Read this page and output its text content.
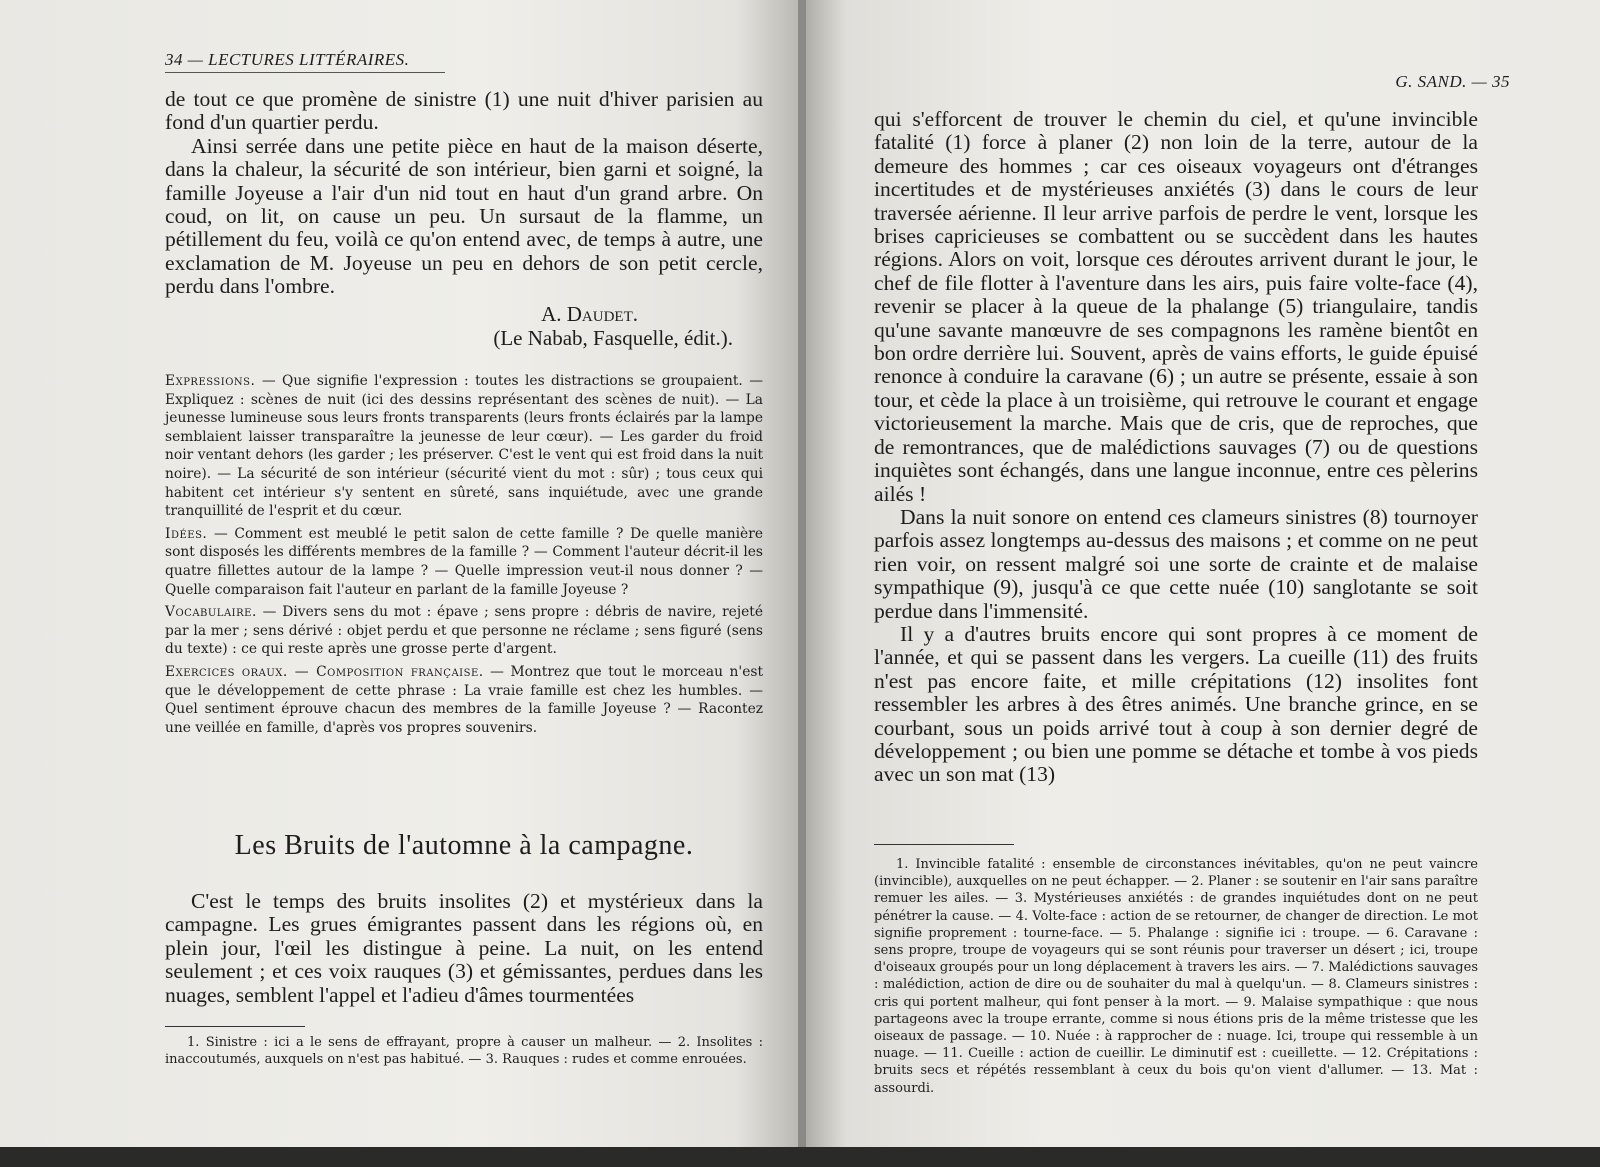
34 — LECTURES LITTÉRAIRES.

de tout ce que promène de sinistre (1) une nuit d'hiver parisien au fond d'un quartier perdu.

Ainsi serrée dans une petite pièce en haut de la maison déserte, dans la chaleur, la sécurité de son intérieur, bien garni et soigné, la famille Joyeuse a l'air d'un nid tout en haut d'un grand arbre. On coud, on lit, on cause un peu. Un sursaut de la flamme, un pétillement du feu, voilà ce qu'on entend avec, de temps à autre, une exclamation de M. Joyeuse un peu en dehors de son petit cercle, perdu dans l'ombre.

A. Daudet.
(Le Nabab, Fasquelle, édit.).

Expressions. — Que signifie l'expression : toutes les distractions se groupaient. — Expliquez : scènes de nuit (ici des dessins représentant des scènes de nuit). — La jeunesse lumineuse sous leurs fronts transparents (leurs fronts éclairés par la lampe semblaient laisser transparaître la jeunesse de leur cœur). — Les garder du froid noir ventant dehors (les garder ; les préserver. C'est le vent qui est froid dans la nuit noire). — La sécurité de son intérieur (sécurité vient du mot : sûr) ; tous ceux qui habitent cet intérieur s'y sentent en sûreté, sans inquiétude, avec une grande tranquillité de l'esprit et du cœur.

Idées. — Comment est meublé le petit salon de cette famille ? De quelle manière sont disposés les différents membres de la famille ? — Comment l'auteur décrit-il les quatre fillettes autour de la lampe ? — Quelle impression veut-il nous donner ? — Quelle comparaison fait l'auteur en parlant de la famille Joyeuse ?

Vocabulaire. — Divers sens du mot : épave ; sens propre : débris de navire, rejeté par la mer ; sens dérivé : objet perdu et que personne ne réclame ; sens figuré (sens du texte) : ce qui reste après une grosse perte d'argent.

Exercices oraux. — Composition française. — Montrez que tout le morceau n'est que le développement de cette phrase : La vraie famille est chez les humbles. — Quel sentiment éprouve chacun des membres de la famille Joyeuse ? — Racontez une veillée en famille, d'après vos propres souvenirs.

Les Bruits de l'automne à la campagne.

C'est le temps des bruits insolites (2) et mystérieux dans la campagne. Les grues émigrantes passent dans les régions où, en plein jour, l'œil les distingue à peine. La nuit, on les entend seulement ; et ces voix rauques (3) et gémissantes, perdues dans les nuages, semblent l'appel et l'adieu d'âmes tourmentées

1. Sinistre : ici a le sens de effrayant, propre à causer un malheur. — 2. Insolites : inaccoutumés, auxquels on n'est pas habitué. — 3. Rauques : rudes et comme enrouées.

G. SAND. — 35

qui s'efforcent de trouver le chemin du ciel, et qu'une invincible fatalité (1) force à planer (2) non loin de la terre, autour de la demeure des hommes ; car ces oiseaux voyageurs ont d'étranges incertitudes et de mystérieuses anxiétés (3) dans le cours de leur traversée aérienne. Il leur arrive parfois de perdre le vent, lorsque les brises capricieuses se combattent ou se succèdent dans les hautes régions. Alors on voit, lorsque ces déroutes arrivent durant le jour, le chef de file flotter à l'aventure dans les airs, puis faire volte-face (4), revenir se placer à la queue de la phalange (5) triangulaire, tandis qu'une savante manœuvre de ses compagnons les ramène bientôt en bon ordre derrière lui. Souvent, après de vains efforts, le guide épuisé renonce à conduire la caravane (6) ; un autre se présente, essaie à son tour, et cède la place à un troisième, qui retrouve le courant et engage victorieusement la marche. Mais que de cris, que de reproches, que de remontrances, que de malédictions sauvages (7) ou de questions inquiètes sont échangés, dans une langue inconnue, entre ces pèlerins ailés !

Dans la nuit sonore on entend ces clameurs sinistres (8) tournoyer parfois assez longtemps au-dessus des maisons ; et comme on ne peut rien voir, on ressent malgré soi une sorte de crainte et de malaise sympathique (9), jusqu'à ce que cette nuée (10) sanglotante se soit perdue dans l'immensité.

Il y a d'autres bruits encore qui sont propres à ce moment de l'année, et qui se passent dans les vergers. La cueille (11) des fruits n'est pas encore faite, et mille crépitations (12) insolites font ressembler les arbres à des êtres animés. Une branche grince, en se courbant, sous un poids arrivé tout à coup à son dernier degré de développement ; ou bien une pomme se détache et tombe à vos pieds avec un son mat (13)

1. Invincible fatalité : ensemble de circonstances inévitables, qu'on ne peut vaincre (invincible), auxquelles on ne peut échapper. — 2. Planer : se soutenir en l'air sans paraître remuer les ailes. — 3. Mystérieuses anxiétés : de grandes inquiétudes dont on ne peut pénétrer la cause. — 4. Volte-face : action de se retourner, de changer de direction. Le mot signifie proprement : tourne-face. — 5. Phalange : signifie ici : troupe. — 6. Caravane : sens propre, troupe de voyageurs qui se sont réunis pour traverser un désert ; ici, troupe d'oiseaux groupés pour un long déplacement à travers les airs. — 7. Malédictions sauvages : malédiction, action de dire ou de souhaiter du mal à quelqu'un. — 8. Clameurs sinistres : cris qui portent malheur, qui font penser à la mort. — 9. Malaise sympathique : que nous partageons avec la troupe errante, comme si nous étions pris de la même tristesse que les oiseaux de passage. — 10. Nuée : à rapprocher de : nuage. Ici, troupe qui ressemble à un nuage. — 11. Cueille : action de cueillir. Le diminutif est : cueillette. — 12. Crépitations : bruits secs et répétés ressemblant à ceux du bois qu'on vient d'allumer. — 13. Mat : assourdi.
